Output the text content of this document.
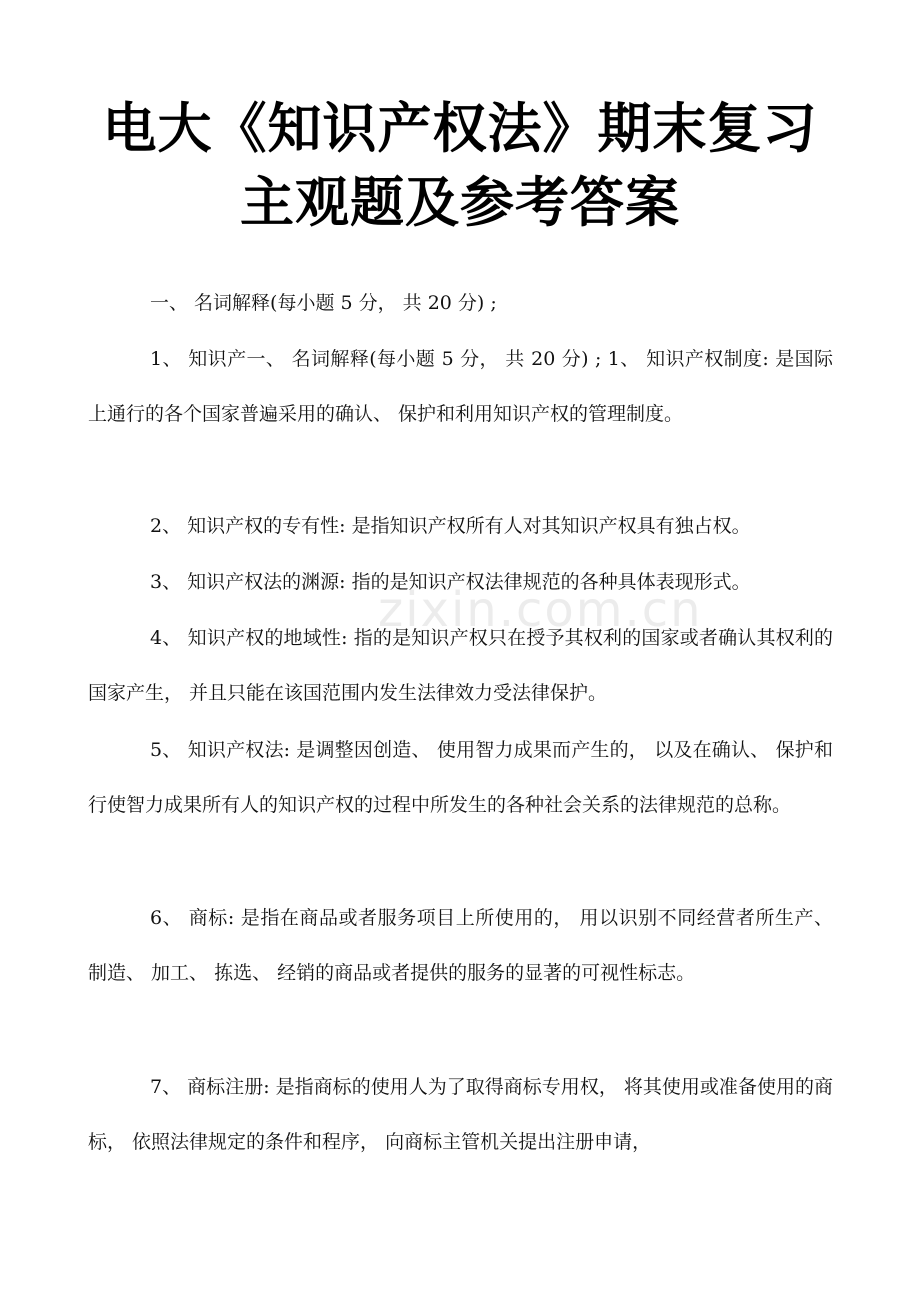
电大《知识产权法》期末复习
主观题及参考答案
zixin.com.cn

一、 名词解释(每小题 5 分， 共 20 分) ;

1、 知识产一、 名词解释(每小题 5 分， 共 20 分) ; 1、 知识产权制度: 是国际上通行的各个国家普遍采用的确认、 保护和利用知识产权的管理制度。

2、 知识产权的专有性: 是指知识产权所有人对其知识产权具有独占权。

3、 知识产权法的渊源: 指的是知识产权法律规范的各种具体表现形式。

4、 知识产权的地域性: 指的是知识产权只在授予其权利的国家或者确认其权利的国家产生， 并且只能在该国范围内发生法律效力受法律保护。

5、 知识产权法: 是调整因创造、 使用智力成果而产生的， 以及在确认、 保护和行使智力成果所有人的知识产权的过程中所发生的各种社会关系的法律规范的总称。

6、 商标: 是指在商品或者服务项目上所使用的， 用以识别不同经营者所生产、 制造、 加工、 拣选、 经销的商品或者提供的服务的显著的可视性标志。

7、 商标注册: 是指商标的使用人为了取得商标专用权， 将其使用或准备使用的商标， 依照法律规定的条件和程序， 向商标主管机关提出注册申请，
